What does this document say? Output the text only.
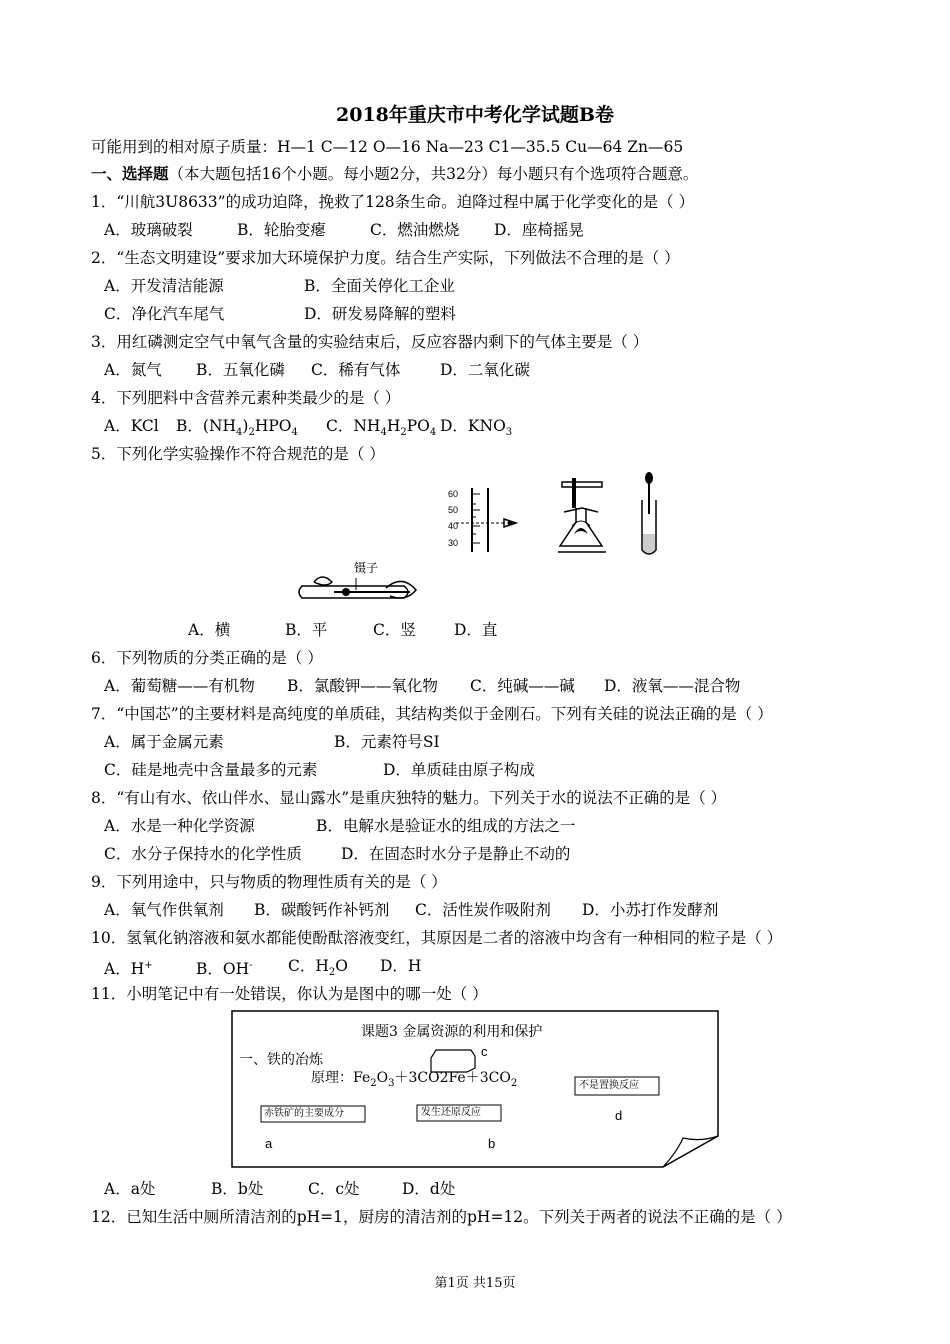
2018年重庆市中考化学试题B卷
可能用到的相对原子质量：H—1 C—12 O—16 Na—23 C1—35.5 Cu—64 Zn—65
一、选择题（本大题包括16个小题。每小题2分，共32分）每小题只有个选项符合题意。
1．“川航3U8633”的成功迫降，挽救了128条生命。迫降过程中属于化学变化的是（ ）
A．玻璃破裂	B．轮胎变瘪	C．燃油燃烧 D．座椅摇晃
2．“生态文明建设”要求加大环境保护力度。结合生产实际，下列做法不合理的是（ ）
A．开发清洁能源	B．全面关停化工企业
C．净化汽车尾气	D．研发易降解的塑料
3．用红磷测定空气中氧气含量的实验结束后，反应容器内剩下的气体主要是（ ）
A．氮气 B．五氧化磷 C．稀有气体	D．二氧化碳
4．下列肥料中含营养元素种类最少的是（ ）
A．KCl B．$(NH_4)_2HPO_4$ C．$NH_4H_2PO_4$ D．$KNO_3$
5．下列化学实验操作不符合规范的是（ ）
60
50
40
30
镊子
A．横	B．平	C．竖 D．直
6．下列物质的分类正确的是（ ）
A．葡萄糖——有机物 B．氯酸钾——氧化物 C．纯碱——碱 D．液氧——混合物
7．“中国芯”的主要材料是高纯度的单质硅，其结构类似于金刚石。下列有关硅的说法正确的是（ ）
A．属于金属元素	B．元素符号SI
C．硅是地壳中含量最多的元素	D．单质硅由原子构成
8．“有山有水、依山伴水、显山露水”是重庆独特的魅力。下列关于水的说法不正确的是（ ）
A．水是一种化学资源	B．电解水是验证水的组成的方法之一
C．水分子保持水的化学性质	D．在固态时水分子是静止不动的
9．下列用途中，只与物质的物理性质有关的是（ ）
A．氧气作供氧剂 B．碳酸钙作补钙剂 C．活性炭作吸附剂 D．小苏打作发酵剂
10．氢氧化钠溶液和氨水都能使酚酞溶液变红，其原因是二者的溶液中均含有一种相同的粒子是（ ）
A．H+	B．OH- C．$H_2O$ D．H
11．小明笔记中有一处错误，你认为是图中的哪一处（ ）
课题3 金属资源的利用和保护
一、铁的冶炼
原理：$Fe_2O_3+3CO2Fe+3CO_2$
赤铁矿的主要成分	发生还原反应
不是置换反应
a	b
c
d
A．a处	B．b处	C．c处	D．d处
12．已知生活中厕所清洁剂的pH=1，厨房的清洁剂的pH=12。下列关于两者的说法不正确的是（ ）
第1页 共15页
